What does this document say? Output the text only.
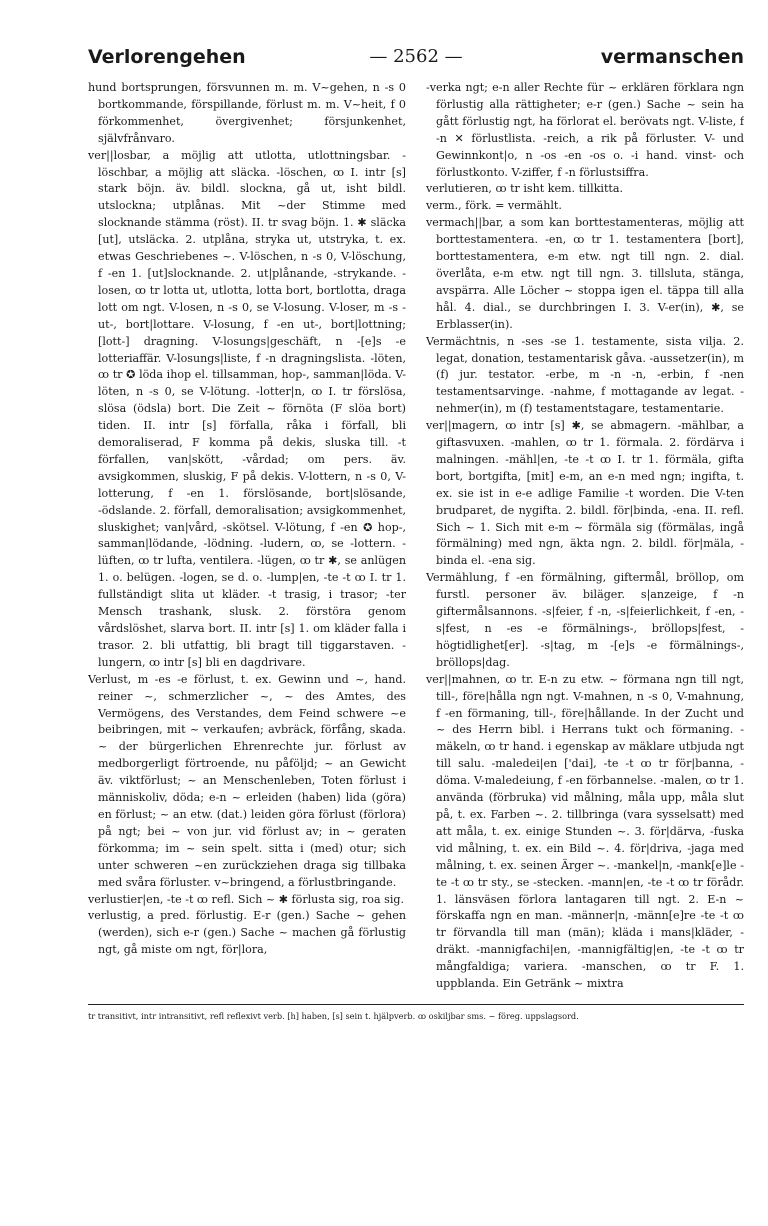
Verlorengehen	— 2562 —	vermanschen

hund bortsprungen, försvunnen m. m. V~gehen, n -s 0 bortkommande, förspillande, förlust m. m. V~heit, f 0 förkommenhet, övergivenhet; försjunkenhet, självfrånvaro.

ver||losbar, a möjlig att utlotta, utlottningsbar. -löschbar, a möjlig att släcka. -löschen, ꝏ I. intr [s] stark böjn. äv. bildl. slockna, gå ut, isht bildl. utslockna; utplånas. Mit ~der Stimme med slocknande stämma (röst). II. tr svag böjn. 1. ✱ släcka [ut], utsläcka. 2. utplåna, stryka ut, utstryka, t. ex. etwas Geschriebenes ~. V-löschen, n -s 0, V-löschung, f -en 1. [ut]slocknande. 2. ut|plånande, -strykande. -losen, ꝏ tr lotta ut, utlotta, lotta bort, bortlotta, draga lott om ngt. V-losen, n -s 0, se V-losung. V-loser, m -s - ut-, bort|lottare. V-losung, f -en ut-, bort|lottning; [lott-] dragning. V-losungs|geschäft, n -[e]s -e lotteriaffär. V-losungs|liste, f -n dragningslista. -löten, ꝏ tr ✪ löda ihop el. tillsamman, hop-, samman|löda. V-löten, n -s 0, se V-lötung. -lotter|n, ꝏ I. tr förslösa, slösa (ödsla) bort. Die Zeit ~ förnöta (F slöa bort) tiden. II. intr [s] förfalla, råka i förfall, bli demoraliserad, F komma på dekis, sluska till. -t förfallen, van|skött, -vårdad; om pers. äv. avsigkommen, sluskig, F på dekis. V-lottern, n -s 0, V-lotterung, f -en 1. förslösande, bort|slösande, -ödslande. 2. förfall, demoralisation; avsigkommenhet, sluskighet; van|vård, -skötsel. V-lötung, f -en ✪ hop-, samman|lödande, -lödning. -ludern, ꝏ, se -lottern. -lüften, ꝏ tr lufta, ventilera. -lügen, ꝏ tr ✱, se anlügen 1. o. belügen. -logen, se d. o. -lump|en, -te -t ꝏ I. tr 1. fullständigt slita ut kläder. -t trasig, i trasor; -ter Mensch trashank, slusk. 2. förstöra genom vårdslöshet, slarva bort. II. intr [s] 1. om kläder falla i trasor. 2. bli utfattig, bli bragt till tiggarstaven. -lungern, ꝏ intr [s] bli en dagdrivare.

Verlust, m -es -e förlust, t. ex. Gewinn und ~, hand. reiner ~, schmerzlicher ~, ~ des Amtes, des Vermögens, des Verstandes, dem Feind schwere ~e beibringen, mit ~ verkaufen; avbräck, förfång, skada. ~ der bürgerlichen Ehrenrechte jur. förlust av medborgerligt förtroende, nu påföljd; ~ an Gewicht äv. viktförlust; ~ an Menschenleben, Toten förlust i människoliv, döda; e-n ~ erleiden (haben) lida (göra) en förlust; ~ an etw. (dat.) leiden göra förlust (förlora) på ngt; bei ~ von jur. vid förlust av; in ~ geraten förkomma; im ~ sein spelt. sitta i (med) otur; sich unter schweren ~en zurückziehen draga sig tillbaka med svåra förluster. v~bringend, a förlustbringande.

verlustier|en, -te -t ꝏ refl. Sich ~ ✱ förlusta sig, roa sig.

verlustig, a pred. förlustig. E-r (gen.) Sache ~ gehen (werden), sich e-r (gen.) Sache ~ machen gå förlustig ngt, gå miste om ngt, för|lora,

-verka ngt; e-n aller Rechte für ~ erklären förklara ngn förlustig alla rättigheter; e-r (gen.) Sache ~ sein ha gått förlustig ngt, ha förlorat el. berövats ngt. V-liste, f -n ✕ förlustlista. -reich, a rik på förluster. V- und Gewinnkont|o, n -os -en -os o. -i hand. vinst- och förlustkonto. V-ziffer, f -n förlustsiffra.

verlutieren, ꝏ tr isht kem. tillkitta.

verm., förk. = vermählt.

vermach||bar, a som kan borttestamenteras, möjlig att borttestamentera. -en, ꝏ tr 1. testamentera [bort], borttestamentera, e-m etw. ngt till ngn. 2. dial. överlåta, e-m etw. ngt till ngn. 3. tillsluta, stänga, avspärra. Alle Löcher ~ stoppa igen el. täppa till alla hål. 4. dial., se durchbringen I. 3. V-er(in), ✱, se Erblasser(in).

Vermächtnis, n -ses -se 1. testamente, sista vilja. 2. legat, donation, testamentarisk gåva. -aussetzer(in), m (f) jur. testator. -erbe, m -n -n, -erbin, f -nen testamentsarvinge. -nahme, f mottagande av legat. -nehmer(in), m (f) testamentstagare, testamentarie.

ver||magern, ꝏ intr [s] ✱, se abmagern. -mählbar, a giftasvuxen. -mahlen, ꝏ tr 1. förmala. 2. fördärva i malningen. -mähl|en, -te -t ꝏ I. tr 1. förmäla, gifta bort, bortgifta, [mit] e-m, an e-n med ngn; ingifta, t. ex. sie ist in e-e adlige Familie -t worden. Die V-ten brudparet, de nygifta. 2. bildl. för|binda, -ena. II. refl. Sich ~ 1. Sich mit e-m ~ förmäla sig (förmälas, ingå förmälning) med ngn, äkta ngn. 2. bildl. för|mäla, -binda el. -ena sig.

Vermählung, f -en förmälning, giftermål, bröllop, om furstl. personer äv. biläger. s|anzeige, f -n giftermålsannons. -s|feier, f -n, -s|feierlichkeit, f -en, -s|fest, n -es -e förmälnings-, bröllops|fest, -högtidlighet[er]. -s|tag, m -[e]s -e förmälnings-, bröllops|dag.

ver||mahnen, ꝏ tr. E-n zu etw. ~ förmana ngn till ngt, till-, före|hålla ngn ngt. V-mahnen, n -s 0, V-mahnung, f -en förmaning, till-, före|hållande. In der Zucht und ~ des Herrn bibl. i Herrans tukt och förmaning. -mäkeln, ꝏ tr hand. i egenskap av mäklare utbjuda ngt till salu. -maledei|en ['dai], -te -t ꝏ tr för|banna, -döma. V-maledeiung, f -en förbannelse. -malen, ꝏ tr 1. använda (förbruka) vid målning, måla upp, måla slut på, t. ex. Farben ~. 2. tillbringa (vara sysselsatt) med att måla, t. ex. einige Stunden ~. 3. för|därva, -fuska vid målning, t. ex. ein Bild ~. 4. för|driva, -jaga med målning, t. ex. seinen Ärger ~. -mankel|n, -mank[e]le -te -t ꝏ tr sty., se -stecken. -mann|en, -te -t ꝏ tr förådr. 1. länsväsen förlora lantagaren till ngt. 2. E-n ~ förskaffa ngn en man. -männer|n, -männ[e]re -te -t ꝏ tr förvandla till man (män); kläda i mans|kläder, -dräkt. -mannigfachi|en, -mannigfältig|en, -te -t ꝏ tr mångfaldiga; variera. -manschen, ꝏ tr F. 1. uppblanda. Ein Getränk ~ mixtra

tr transitivt, intr intransitivt, refl reflexivt verb. [h] haben, [s] sein t. hjälpverb. ꝏ oskiljbar sms. ~ föreg. uppslagsord.
